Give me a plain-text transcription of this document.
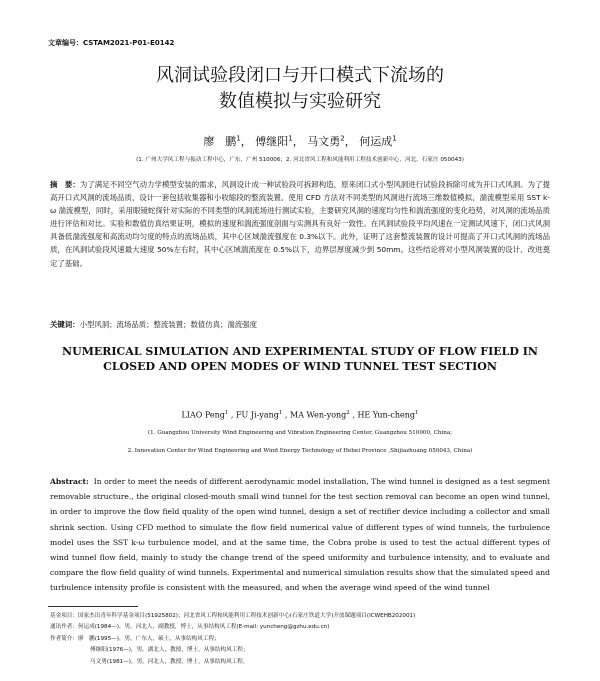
文章编号：CSTAM2021-P01-E0142
风洞试验段闭口与开口模式下流场的
数值模拟与实验研究
廖　鹏$^1$， 傅继阳$^1$， 马文勇$^2$， 何运成$^1$
(1. 广州大学风工程与振动工程中心，广东，广州 510006；2. 河北省风工程和风能利用工程技术创新中心，河北，石家庄 050043)
摘　要：为了满足不同空气动力学模型安装的需求，风洞设计成一种试验段可拆卸构造，原来闭口式小型风洞进行试验段拆除可成为开口式风洞。为了提高开口式风洞的流场品质，设计一套包括收集器和小收缩段的整流装置。使用 CFD 方法对不同类型的风洞进行流场三维数值模拟，湍流模型采用 SST k-ω 湍流模型，同时，采用眼镜蛇探针对实际的不同类型的风洞流场进行测试实验，主要研究风洞的速度均匀性和湍流强度的变化趋势，对风洞的流场品质进行评估和对比。实验和数值仿真结果证明，模拟的速度和湍流强度剖面与实测具有良好一致性。在风洞试验段平均风速在一定测试风速下，闭口式风洞具备低湍流强度和高流动均匀度的特点的流场品质，其中心区域湍流强度在 0.3%以下。此外，证明了这套整流装置的设计可提高了开口式风洞的流场品质，在风洞试验段风速最大速度 50%左右时，其中心区域湍流度在 0.5%以下，边界层厚度减少到 50mm。这些结论将对小型风洞装置的设计、改进奠定了基础。
关键词：小型风洞；流场品质；整流装置；数值仿真；湍流强度
NUMERICAL SIMULATION AND EXPERIMENTAL STUDY OF FLOW FIELD IN CLOSED AND OPEN MODES OF WIND TUNNEL TEST SECTION
LIAO Peng$^1$ , FU Ji-yang$^1$ , MA Wen-yong$^2$ , HE Yun-cheng$^1$
(1. Guangzhou University Wind Engineering and Vibration Engineering Center, Guangzhou 510000, China;
2. Innovation Center for Wind Engineering and Wind Energy Technology of Hebei Province ,Shijiazhuang 050043, China)
Abstract: In order to meet the needs of different aerodynamic model installation, The wind tunnel is designed as a test segment removable structure., the original closed-mouth small wind tunnel for the test section removal can become an open wind tunnel, in order to improve the flow field quality of the open wind tunnel, design a set of rectifier device including a collector and small shrink section. Using CFD method to simulate the flow field numerical value of different types of wind tunnels, the turbulence model uses the SST k-ω turbulence model, and at the same time, the Cobra probe is used to test the actual different types of wind tunnel flow field, mainly to study the change trend of the speed uniformity and turbulence intensity, and to evaluate and compare the flow field quality of wind tunnels. Experimental and numerical simulation results show that the simulated speed and turbulence intensity profile is consistent with the measured, and when the average wind speed of the wind tunnel
基金项目：国家杰出青年科学基金项目(51925802)；河北省风工程和风能利用工程技术创新中心(石家庄铁道大学)开放课题项目(ICWEHB202001)
通讯作者：何运成(1984—)，男，河北人，副教授，博士，从事结构风工程(E-mail: yuncheng@gzhu.edu.cn)
作者简介：廖　鹏(1995—)，男，广东人，硕士，从事结构风工程；
傅继阳(1976—)，男，湖北人，教授，博士，从事结构风工程；
马文勇(1981—)，男，河北人，教授，博士，从事结构风工程。
